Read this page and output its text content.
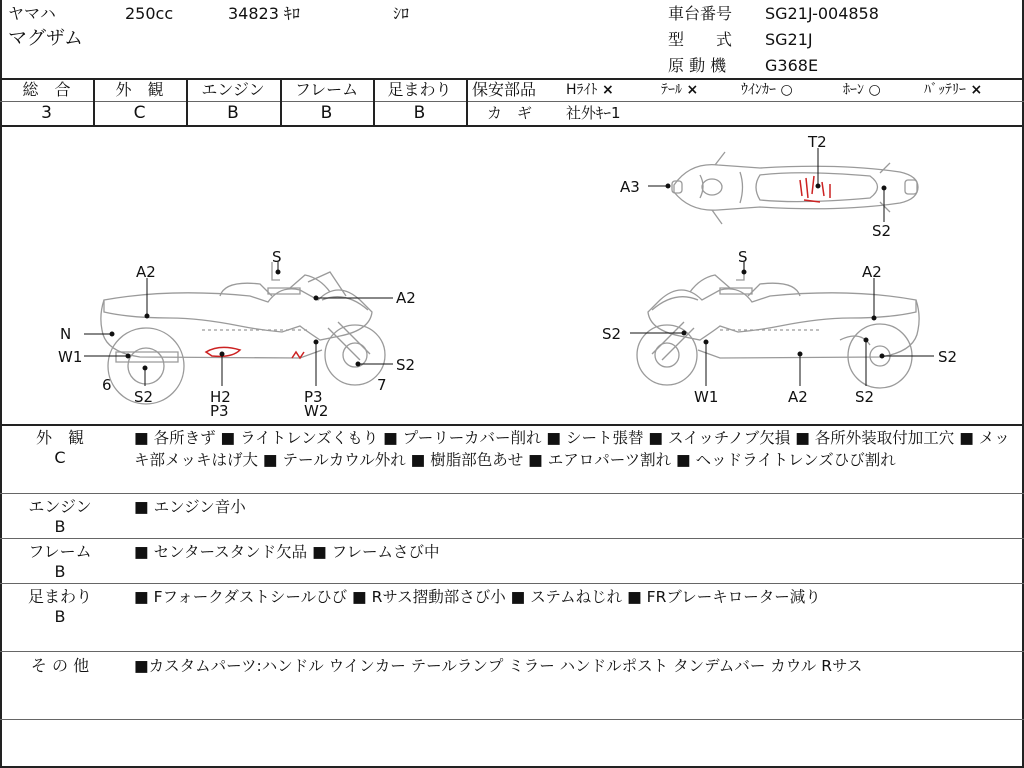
ヤマハ	250cc	34823 ｷﾛ	ｼﾛ
マグザム
車台番号 SG21J-004858
型　　式 SG21J
原 動 機 G368E
総　合	外　観	エンジン	フレーム	足まわり
3	C	B	B	B
保安部品 Hﾗｲﾄ ×	ﾃｰﾙ ×	ｳｲﾝｶｰ ○	ﾎｰﾝ ○	ﾊﾞｯﾃﾘｰ ×
カ　ギ 社外ｷｰ1
T2
A3
S2
S
A2
A2
N
W1
6
S2	H2
P3
P3
W2
S2
7
S
A2
S2
S2
W1	A2	S2
外　観
C
■ 各所きず ■ ライトレンズくもり ■ プーリーカバー削れ ■ シート張替 ■ スイッチノブ欠損 ■ 各所外装取付加工穴 ■ メッキ部メッキはげ大 ■ テールカウル外れ ■ 樹脂部色あせ ■ エアロパーツ割れ ■ ヘッドライトレンズひび割れ
エンジン
B
■ エンジン音小
フレーム
B
■ センタースタンド欠品 ■ フレームさび中
足まわり
B
■ Fフォークダストシールひび ■ Rサス摺動部さび小 ■ ステムねじれ ■ FRブレーキローター減り
そ の 他	■カスタムパーツ:ハンドル ウインカー テールランプ ミラー ハンドルポスト タンデムバー カウル Rサス
